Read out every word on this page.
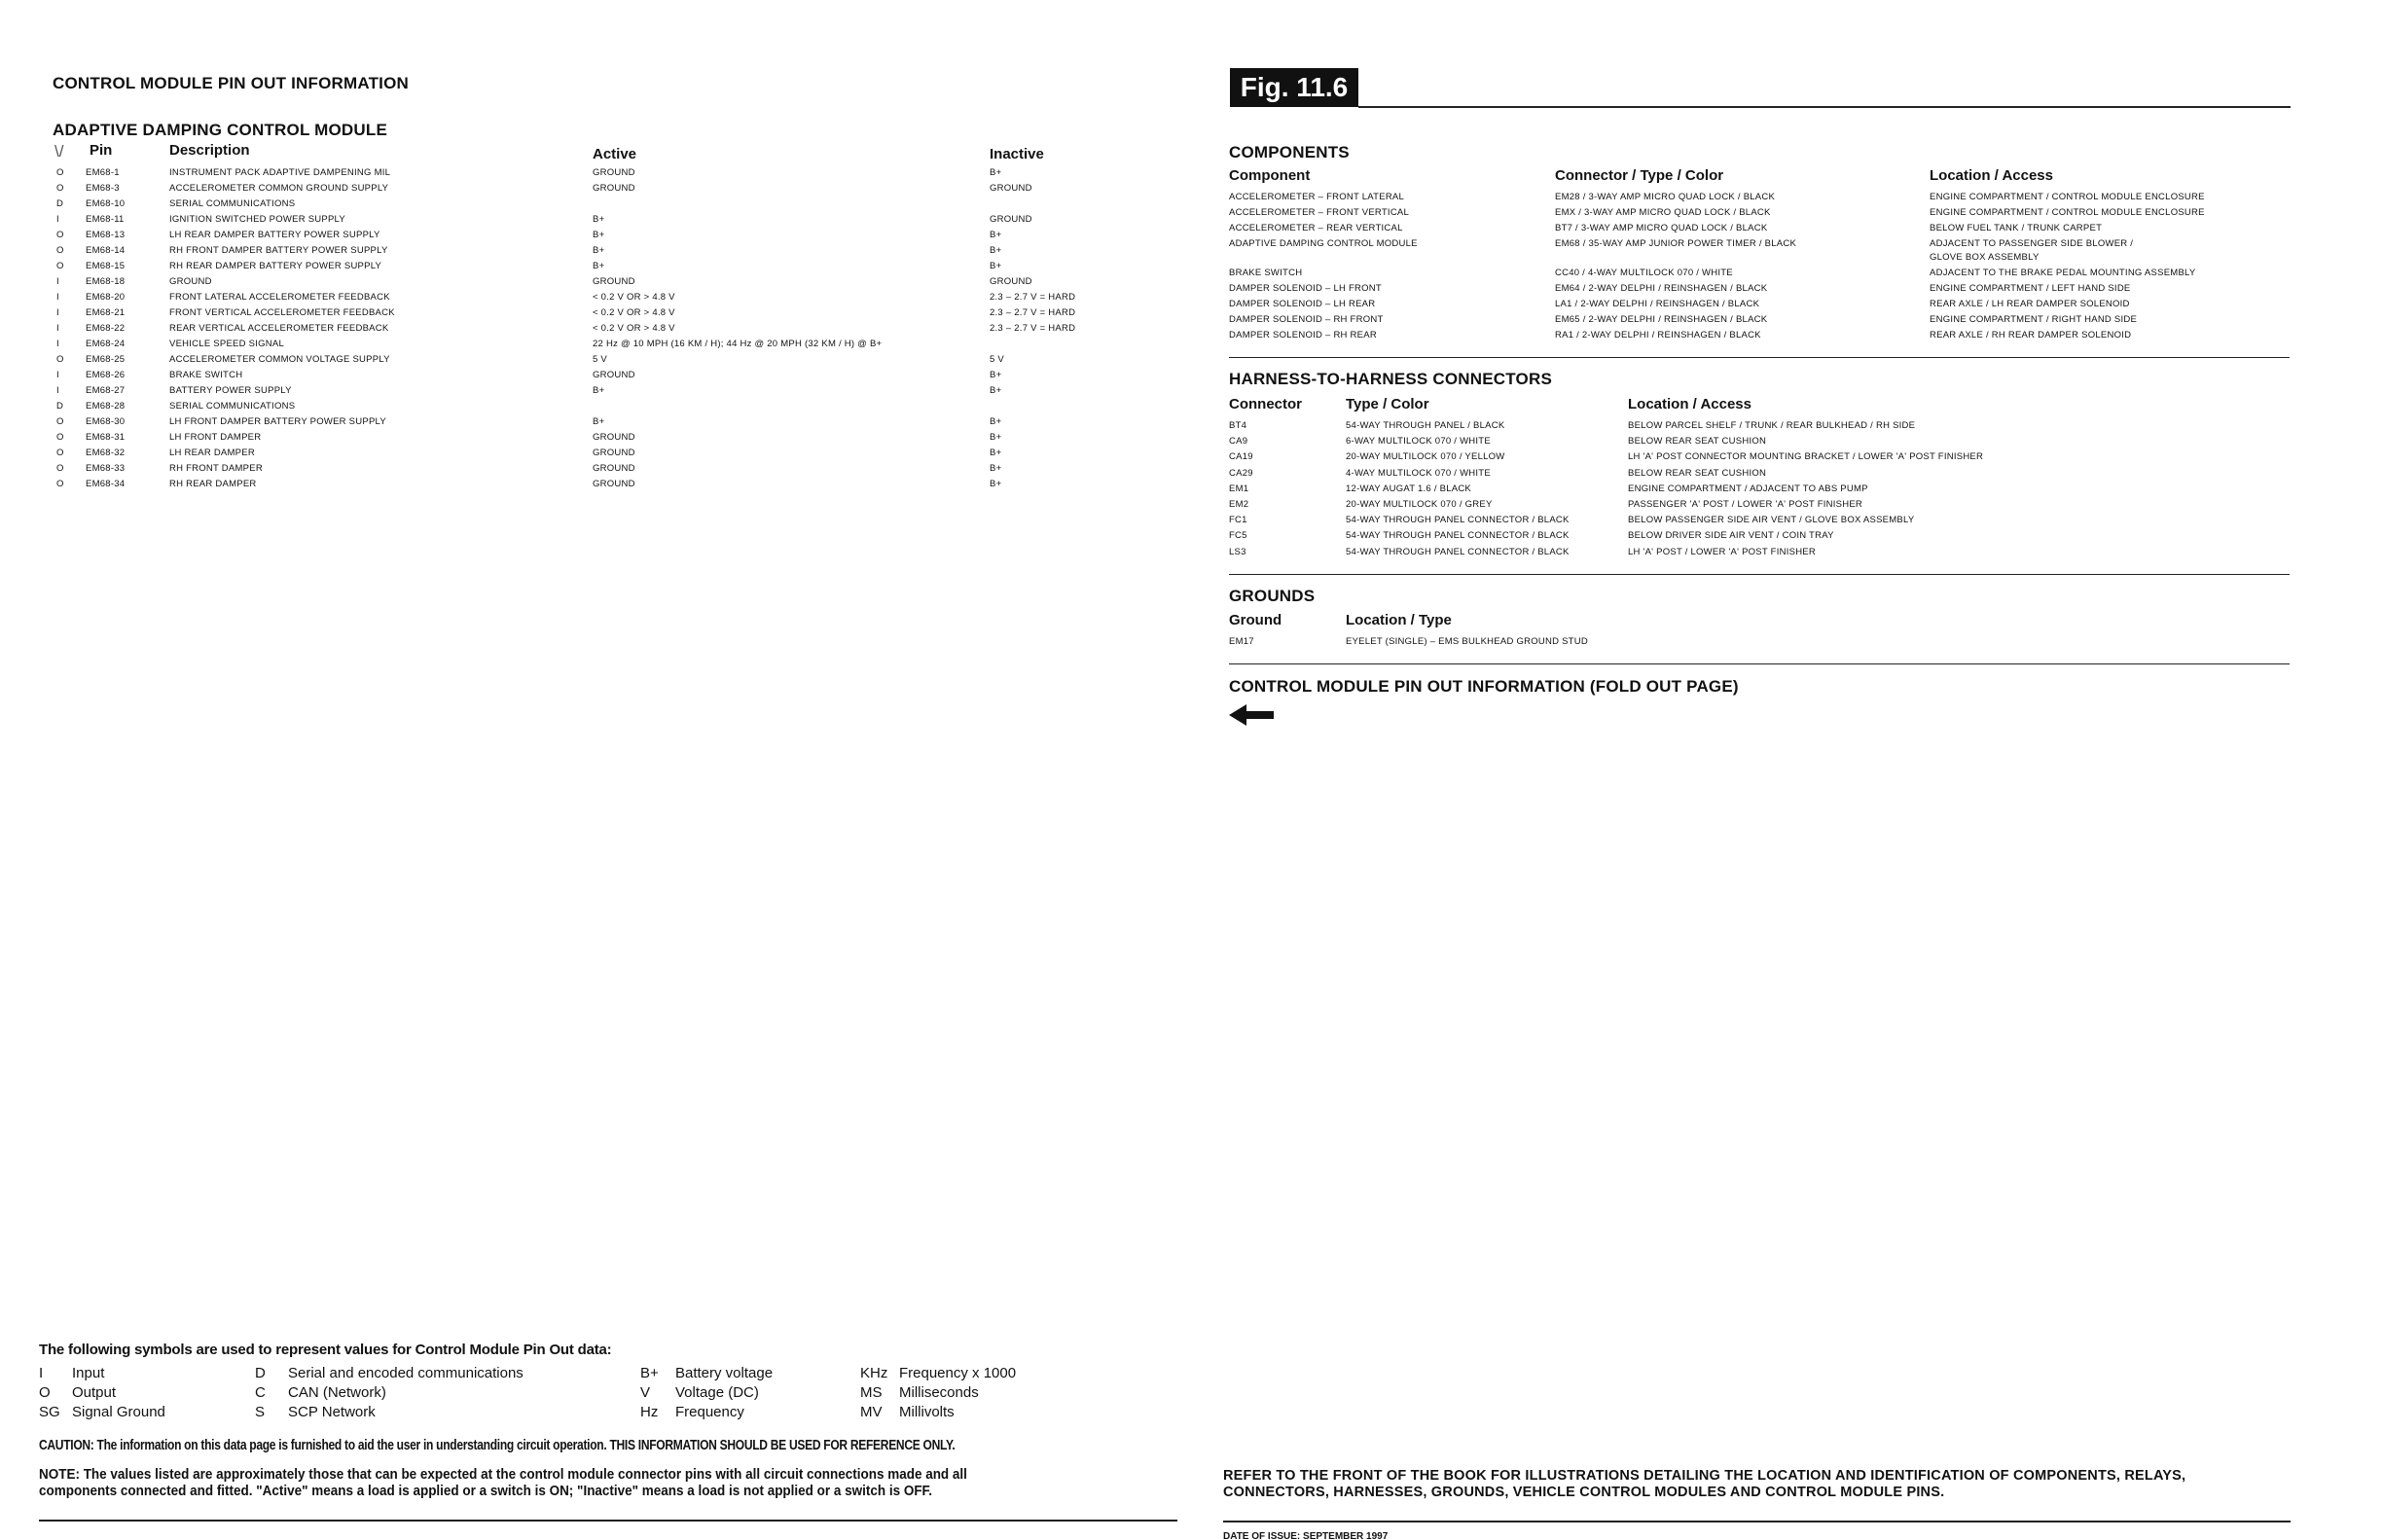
CONTROL MODULE PIN OUT INFORMATION
ADAPTIVE DAMPING CONTROL MODULE
\/ Pin	Description	Active	Inactive
O EM68-1	INSTRUMENT PACK ADAPTIVE DAMPENING MIL	GROUND	B+
O EM68-3	ACCELEROMETER COMMON GROUND SUPPLY	GROUND	GROUND
D EM68-10	SERIAL COMMUNICATIONS
I	EM68-11	IGNITION SWITCHED POWER SUPPLY	B+	GROUND
O EM68-13	LH REAR DAMPER BATTERY POWER SUPPLY	B+	B+
O EM68-14	RH FRONT DAMPER BATTERY POWER SUPPLY	B+	B+
O EM68-15	RH REAR DAMPER BATTERY POWER SUPPLY	B+	B+
I	EM68-18	GROUND	GROUND	GROUND
I	EM68-20	FRONT LATERAL ACCELEROMETER FEEDBACK	< 0.2 V OR > 4.8 V	2.3 – 2.7 V = HARD
I	EM68-21	FRONT VERTICAL ACCELEROMETER FEEDBACK	< 0.2 V OR > 4.8 V	2.3 – 2.7 V = HARD
I	EM68-22	REAR VERTICAL ACCELEROMETER FEEDBACK	< 0.2 V OR > 4.8 V	2.3 – 2.7 V = HARD
I	EM68-24	VEHICLE SPEED SIGNAL	22 Hz @ 10 MPH (16 KM / H); 44 Hz @ 20 MPH (32 KM / H) @ B+
O EM68-25	ACCELEROMETER COMMON VOLTAGE SUPPLY	5 V	5 V
I	EM68-26	BRAKE SWITCH	GROUND	B+
I	EM68-27	BATTERY POWER SUPPLY	B+	B+
D EM68-28	SERIAL COMMUNICATIONS
O EM68-30	LH FRONT DAMPER BATTERY POWER SUPPLY	B+	B+
O EM68-31	LH FRONT DAMPER	GROUND	B+
O EM68-32	LH REAR DAMPER	GROUND	B+
O EM68-33	RH FRONT DAMPER	GROUND	B+
O EM68-34	RH REAR DAMPER	GROUND	B+
The following symbols are used to represent values for Control Module Pin Out data:
I Input
O Output
SG Signal Ground
D Serial and encoded communications
C CAN (Network)
S SCP Network
B+ Battery voltage
V Voltage (DC)
Hz Frequency
KHz Frequency x 1000
MS Milliseconds
MV Millivolts
CAUTION: The information on this data page is furnished to aid the user in understanding circuit operation. THIS INFORMATION SHOULD BE USED FOR REFERENCE ONLY.
NOTE: The values listed are approximately those that can be expected at the control module connector pins with all circuit connections made and all
components connected and fitted. "Active" means a load is applied or a switch is ON; "Inactive" means a load is not applied or a switch is OFF.
Fig. 11.6
COMPONENTS
Component	Connector / Type / Color	Location / Access
ACCELEROMETER – FRONT LATERAL	EM28 / 3-WAY AMP MICRO QUAD LOCK / BLACK	ENGINE COMPARTMENT / CONTROL MODULE ENCLOSURE
ACCELEROMETER – FRONT VERTICAL	EMX / 3-WAY AMP MICRO QUAD LOCK / BLACK	ENGINE COMPARTMENT / CONTROL MODULE ENCLOSURE
ACCELEROMETER – REAR VERTICAL	BT7 / 3-WAY AMP MICRO QUAD LOCK / BLACK	BELOW FUEL TANK / TRUNK CARPET
ADAPTIVE DAMPING CONTROL MODULE	EM68 / 35-WAY AMP JUNIOR POWER TIMER / BLACK	ADJACENT TO PASSENGER SIDE BLOWER /
GLOVE BOX ASSEMBLY
BRAKE SWITCH	CC40 / 4-WAY MULTILOCK 070 / WHITE	ADJACENT TO THE BRAKE PEDAL MOUNTING ASSEMBLY
DAMPER SOLENOID – LH FRONT	EM64 / 2-WAY DELPHI / REINSHAGEN / BLACK	ENGINE COMPARTMENT / LEFT HAND SIDE
DAMPER SOLENOID – LH REAR	LA1 / 2-WAY DELPHI / REINSHAGEN / BLACK	REAR AXLE / LH REAR DAMPER SOLENOID
DAMPER SOLENOID – RH FRONT	EM65 / 2-WAY DELPHI / REINSHAGEN / BLACK	ENGINE COMPARTMENT / RIGHT HAND SIDE
DAMPER SOLENOID – RH REAR	RA1 / 2-WAY DELPHI / REINSHAGEN / BLACK	REAR AXLE / RH REAR DAMPER SOLENOID
HARNESS-TO-HARNESS CONNECTORS
Connector	Type / Color	Location / Access
BT4	54-WAY THROUGH PANEL / BLACK	BELOW PARCEL SHELF / TRUNK / REAR BULKHEAD / RH SIDE
CA9	6-WAY MULTILOCK 070 / WHITE	BELOW REAR SEAT CUSHION
CA19	20-WAY MULTILOCK 070 / YELLOW	LH 'A' POST CONNECTOR MOUNTING BRACKET / LOWER 'A' POST FINISHER
CA29	4-WAY MULTILOCK 070 / WHITE	BELOW REAR SEAT CUSHION
EM1	12-WAY AUGAT 1.6 / BLACK	ENGINE COMPARTMENT / ADJACENT TO ABS PUMP
EM2	20-WAY MULTILOCK 070 / GREY	PASSENGER 'A' POST / LOWER 'A' POST FINISHER
FC1	54-WAY THROUGH PANEL CONNECTOR / BLACK	BELOW PASSENGER SIDE AIR VENT / GLOVE BOX ASSEMBLY
FC5	54-WAY THROUGH PANEL CONNECTOR / BLACK	BELOW DRIVER SIDE AIR VENT / COIN TRAY
LS3	54-WAY THROUGH PANEL CONNECTOR / BLACK	LH 'A' POST / LOWER 'A' POST FINISHER
GROUNDS
Ground	Location / Type
EM17	EYELET (SINGLE) – EMS BULKHEAD GROUND STUD
CONTROL MODULE PIN OUT INFORMATION (FOLD OUT PAGE)
REFER TO THE FRONT OF THE BOOK FOR ILLUSTRATIONS DETAILING THE LOCATION AND IDENTIFICATION OF COMPONENTS, RELAYS,
CONNECTORS, HARNESSES, GROUNDS, VEHICLE CONTROL MODULES AND CONTROL MODULE PINS.
DATE OF ISSUE: SEPTEMBER 1997
